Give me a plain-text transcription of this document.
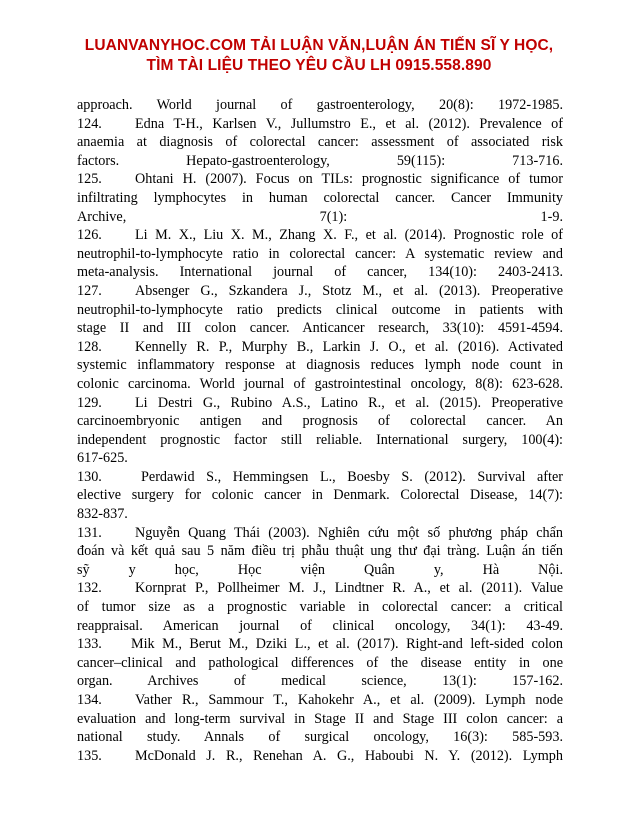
LUANVANYHOC.COM TẢI LUẬN VĂN,LUẬN ÁN TIẾN SĨ Y HỌC,
TÌM TÀI LIỆU THEO YÊU CẦU LH 0915.558.890
approach. World journal of gastroenterology, 20(8): 1972-1985.
124. Edna T-H., Karlsen V., Jullumstro E., et al. (2012). Prevalence of
anaemia at diagnosis of colorectal cancer: assessment of associated risk
factors. Hepato-gastroenterology, 59(115): 713-716.
125. Ohtani H. (2007). Focus on TILs: prognostic significance of tumor
infiltrating lymphocytes in human colorectal cancer. Cancer Immunity
Archive, 7(1): 1-9.
126. Li M. X., Liu X. M., Zhang X. F., et al. (2014). Prognostic role of
neutrophil-to-lymphocyte ratio in colorectal cancer: A systematic review and
meta-analysis. International journal of cancer, 134(10): 2403-2413.
127. Absenger G., Szkandera J., Stotz M., et al. (2013). Preoperative
neutrophil-to-lymphocyte ratio predicts clinical outcome in patients with
stage II and III colon cancer. Anticancer research, 33(10): 4591-4594.
128. Kennelly R. P., Murphy B., Larkin J. O., et al. (2016). Activated
systemic inflammatory response at diagnosis reduces lymph node count in
colonic carcinoma. World journal of gastrointestinal oncology, 8(8): 623-628.
129. Li Destri G., Rubino A.S., Latino R., et al. (2015). Preoperative
carcinoembryonic antigen and prognosis of colorectal cancer. An
independent prognostic factor still reliable. International surgery, 100(4):
617-625.
130.	Perdawid S., Hemmingsen L., Boesby S. (2012). Survival after
elective surgery for colonic cancer in Denmark. Colorectal Disease, 14(7):
832-837.
131. Nguyễn Quang Thái (2003). Nghiên cứu một số phương pháp chẩn
đoán và kết quả sau 5 năm điều trị phẫu thuật ung thư đại tràng. Luận án tiến
sỹ y học, Học viện Quân y, Hà Nội.
132. Kornprat P., Pollheimer M. J., Lindtner R. A., et al. (2011). Value
of tumor size as a prognostic variable in colorectal cancer: a critical
reappraisal. American journal of clinical oncology, 34(1): 43-49.
133. Mik M., Berut M., Dziki L., et al. (2017). Right-and left-sided colon
cancer–clinical and pathological differences of the disease entity in one
organ. Archives of medical science, 13(1): 157-162.
134. Vather R., Sammour T., Kahokehr A., et al. (2009). Lymph node
evaluation and long-term survival in Stage II and Stage III colon cancer: a
national study. Annals of surgical oncology, 16(3): 585-593.
135. McDonald J. R., Renehan A. G., Haboubi N. Y. (2012). Lymph
